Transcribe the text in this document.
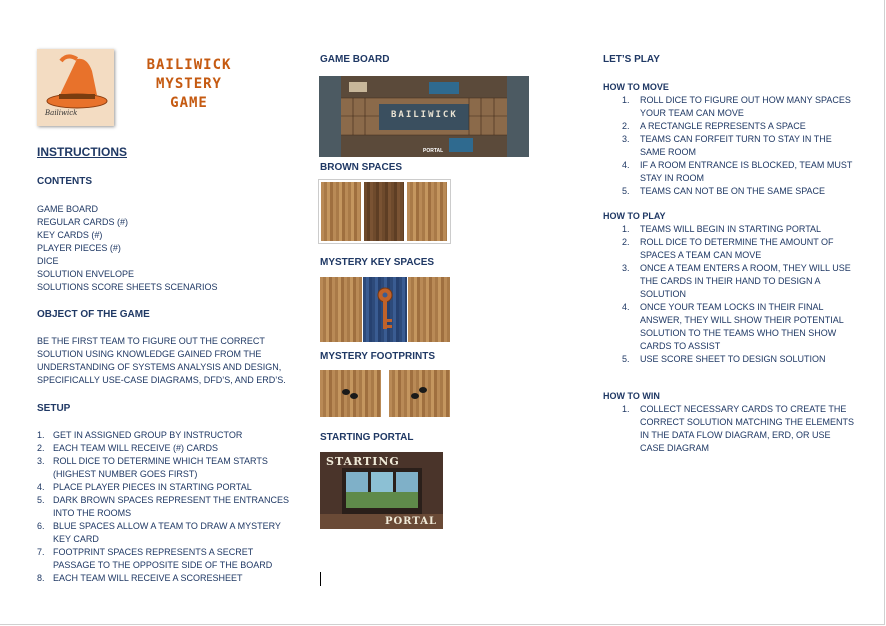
Bailiwick
BAILIWICK
MYSTERY
GAME
INSTRUCTIONS
CONTENTS
GAME BOARD
REGULAR CARDS (#)
KEY CARDS (#)
PLAYER PIECES (#)
DICE
SOLUTION ENVELOPE
SOLUTIONS SCORE SHEETS SCENARIOS
OBJECT OF THE GAME
BE THE FIRST TEAM TO FIGURE OUT THE CORRECT
SOLUTION USING KNOWLEDGE GAINED FROM THE
UNDERSTANDING OF SYSTEMS ANALYSIS AND DESIGN,
SPECIFICALLY USE-CASE DIAGRAMS, DFD’S, AND ERD’S.
SETUP
1. GET IN ASSIGNED GROUP BY INSTRUCTOR
2. EACH TEAM WILL RECEIVE (#) CARDS
3. ROLL DICE TO DETERMINE WHICH TEAM STARTS
(HIGHEST NUMBER GOES FIRST)
4. PLACE PLAYER PIECES IN STARTING PORTAL
5. DARK BROWN SPACES REPRESENT THE ENTRANCES
INTO THE ROOMS
6. BLUE SPACES ALLOW A TEAM TO DRAW A MYSTERY
KEY CARD
7. FOOTPRINT SPACES REPRESENTS A SECRET
PASSAGE TO THE OPPOSITE SIDE OF THE BOARD
8. EACH TEAM WILL RECEIVE A SCORESHEET
GAME BOARD
BAILIWICK
PORTAL
BROWN SPACES
MYSTERY KEY SPACES
MYSTERY FOOTPRINTS
STARTING PORTAL
STARTING
PORTAL
LET’S PLAY
HOW TO MOVE
1. ROLL DICE TO FIGURE OUT HOW MANY SPACES
YOUR TEAM CAN MOVE
2. A RECTANGLE REPRESENTS A SPACE
3. TEAMS CAN FORFEIT TURN TO STAY IN THE
SAME ROOM
4. IF A ROOM ENTRANCE IS BLOCKED, TEAM MUST
STAY IN ROOM
5. TEAMS CAN NOT BE ON THE SAME SPACE
HOW TO PLAY
1. TEAMS WILL BEGIN IN STARTING PORTAL
2. ROLL DICE TO DETERMINE THE AMOUNT OF
SPACES A TEAM CAN MOVE
3. ONCE A TEAM ENTERS A ROOM, THEY WILL USE
THE CARDS IN THEIR HAND TO DESIGN A
SOLUTION
4. ONCE YOUR TEAM LOCKS IN THEIR FINAL
ANSWER, THEY WILL SHOW THEIR POTENTIAL
SOLUTION TO THE TEAMS WHO THEN SHOW
CARDS TO ASSIST
5. USE SCORE SHEET TO DESIGN SOLUTION
HOW TO WIN
1. COLLECT NECESSARY CARDS TO CREATE THE
CORRECT SOLUTION MATCHING THE ELEMENTS
IN THE DATA FLOW DIAGRAM, ERD, OR USE
CASE DIAGRAM
